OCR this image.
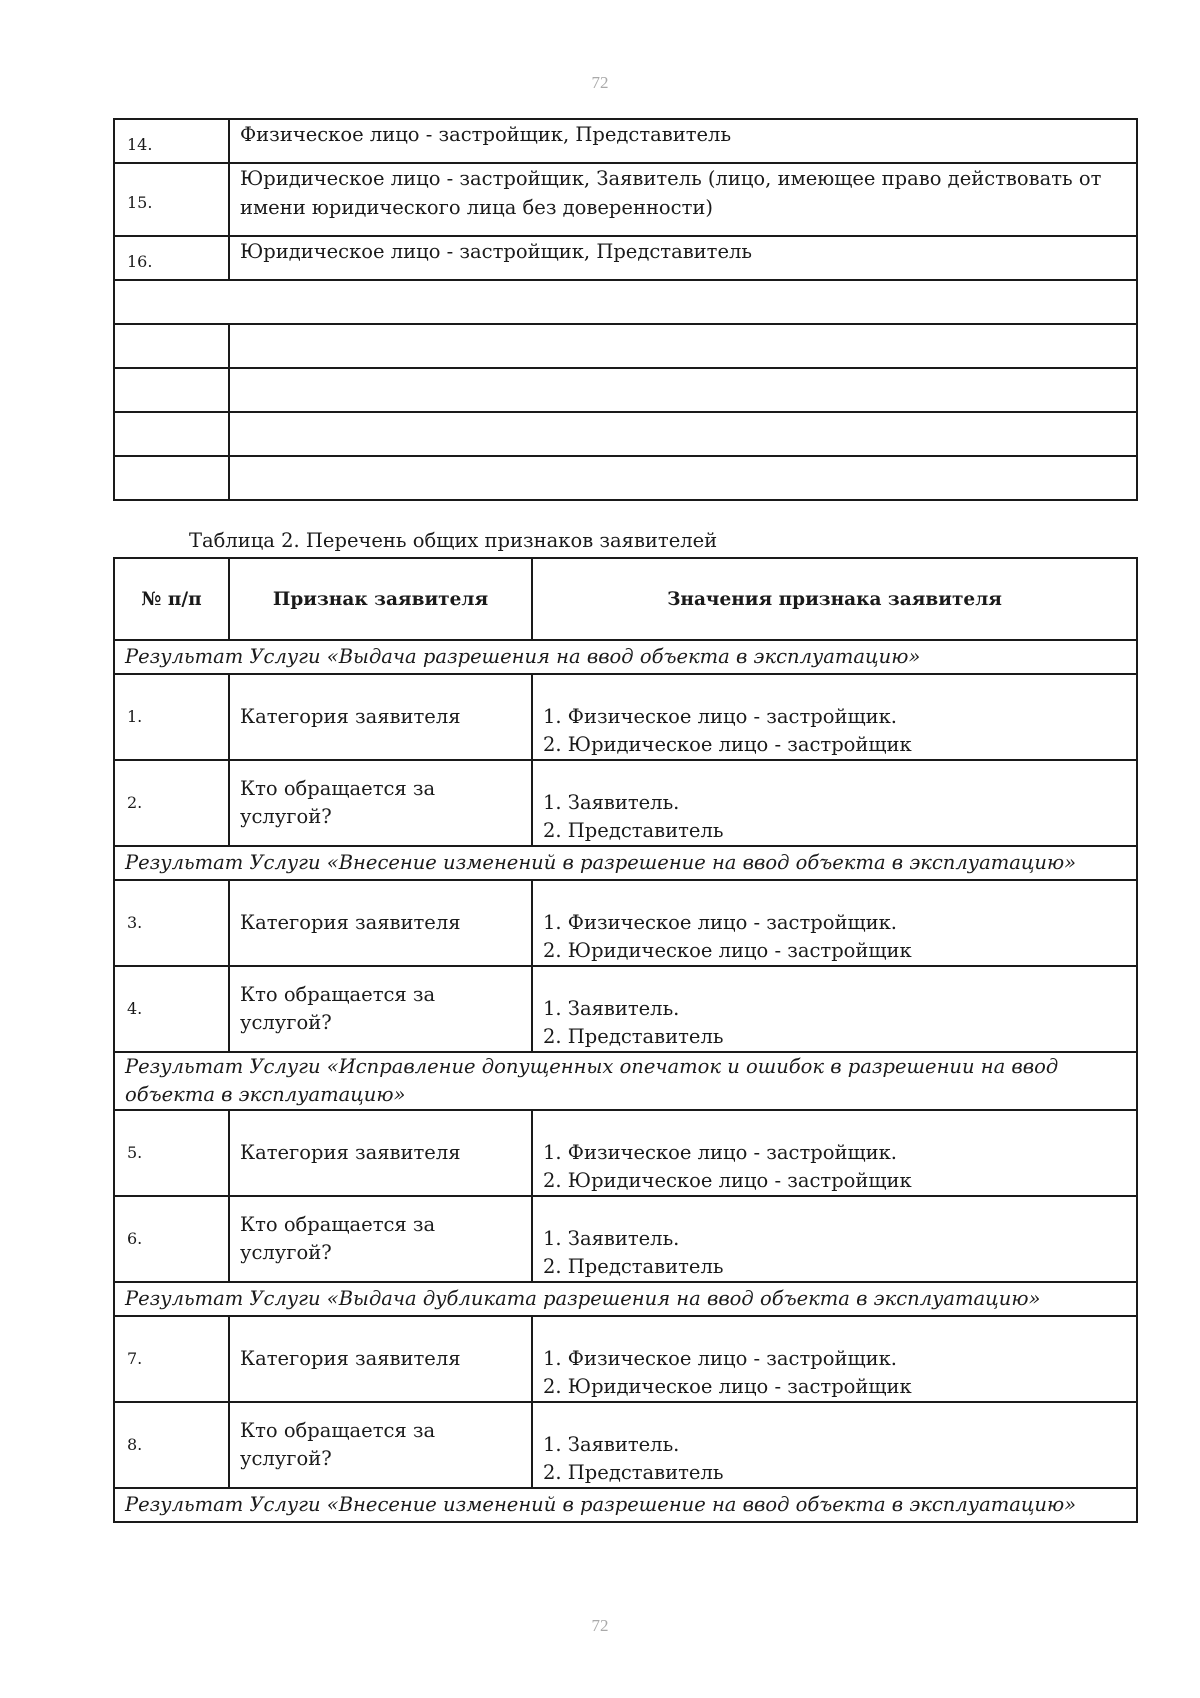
72
14.	Физическое лицо - застройщик, Представитель
15.	Юридическое лицо - застройщик, Заявитель (лицо, имеющее право действовать от имени юридического лица без доверенности)
16.	Юридическое лицо - застройщик, Представитель

Таблица 2. Перечень общих признаков заявителей
№ п/п	Признак заявителя	Значения признака заявителя
Результат Услуги «Выдача разрешения на ввод объекта в эксплуатацию»		
1.	Категория заявителя	1. Физическое лицо - застройщик.
2. Юридическое лицо - застройщик

2.	Кто обращается за услугой?	1. Заявитель.
2. Представитель

Результат Услуги «Внесение изменений в разрешение на ввод объекта в эксплуатацию»		
3.	Категория заявителя	1. Физическое лицо - застройщик.
2. Юридическое лицо - застройщик

4.	Кто обращается за услугой?	1. Заявитель.
2. Представитель

Результат Услуги «Исправление допущенных опечаток и ошибок в разрешении на ввод объекта в эксплуатацию»		
5.	Категория заявителя	1. Физическое лицо - застройщик.
2. Юридическое лицо - застройщик

6.	Кто обращается за услугой?	1. Заявитель.
2. Представитель

Результат Услуги «Выдача дубликата разрешения на ввод объекта в эксплуатацию»		
7.	Категория заявителя	1. Физическое лицо - застройщик.
2. Юридическое лицо - застройщик

8.	Кто обращается за услугой?	1. Заявитель.
2. Представитель

Результат Услуги «Внесение изменений в разрешение на ввод объекта в эксплуатацию»		
72
